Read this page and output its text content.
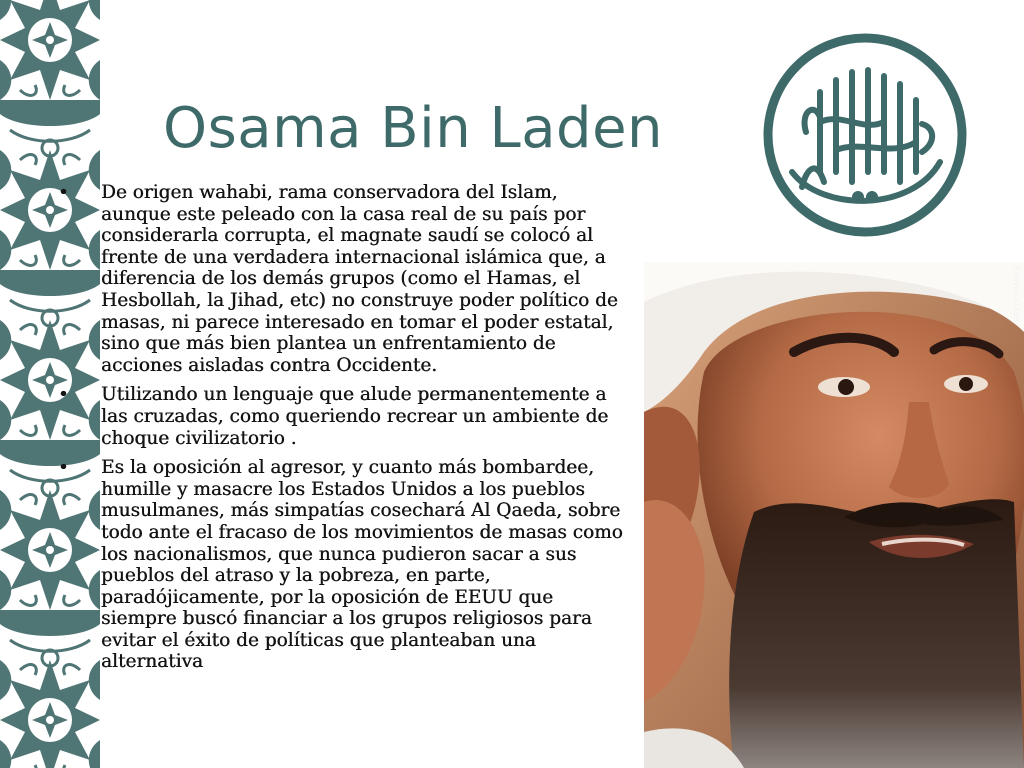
Osama Bin Laden
•	De origen wahabi, rama conservadora del Islam, aunque este peleado con la casa real de su país por considerarla corrupta, el magnate saudí se colocó al frente de una verdadera internacional islámica que, a diferencia de los demás grupos (como el Hamas, el Hesbollah, la Jihad, etc) no construye poder político de masas, ni parece interesado en tomar el poder estatal, sino que más bien plantea un enfrentamiento de acciones aisladas contra Occidente.
•	Utilizando un lenguaje que alude permanentemente a las cruzadas, como queriendo recrear un ambiente de choque civilizatorio .
•	Es la oposición al agresor, y cuanto más bombardee, humille y masacre los Estados Unidos a los pueblos musulmanes, más simpatías cosechará Al Qaeda, sobre todo ante el fracaso de los movimientos de masas como los nacionalismos, que nunca pudieron sacar a sus pueblos del atraso y la pobreza, en parte, paradójicamente, por la oposición de EEUU que siempre buscó financiar a los grupos religiosos para evitar el éxito de políticas que planteaban una alternativa
GETTY IMAGES
